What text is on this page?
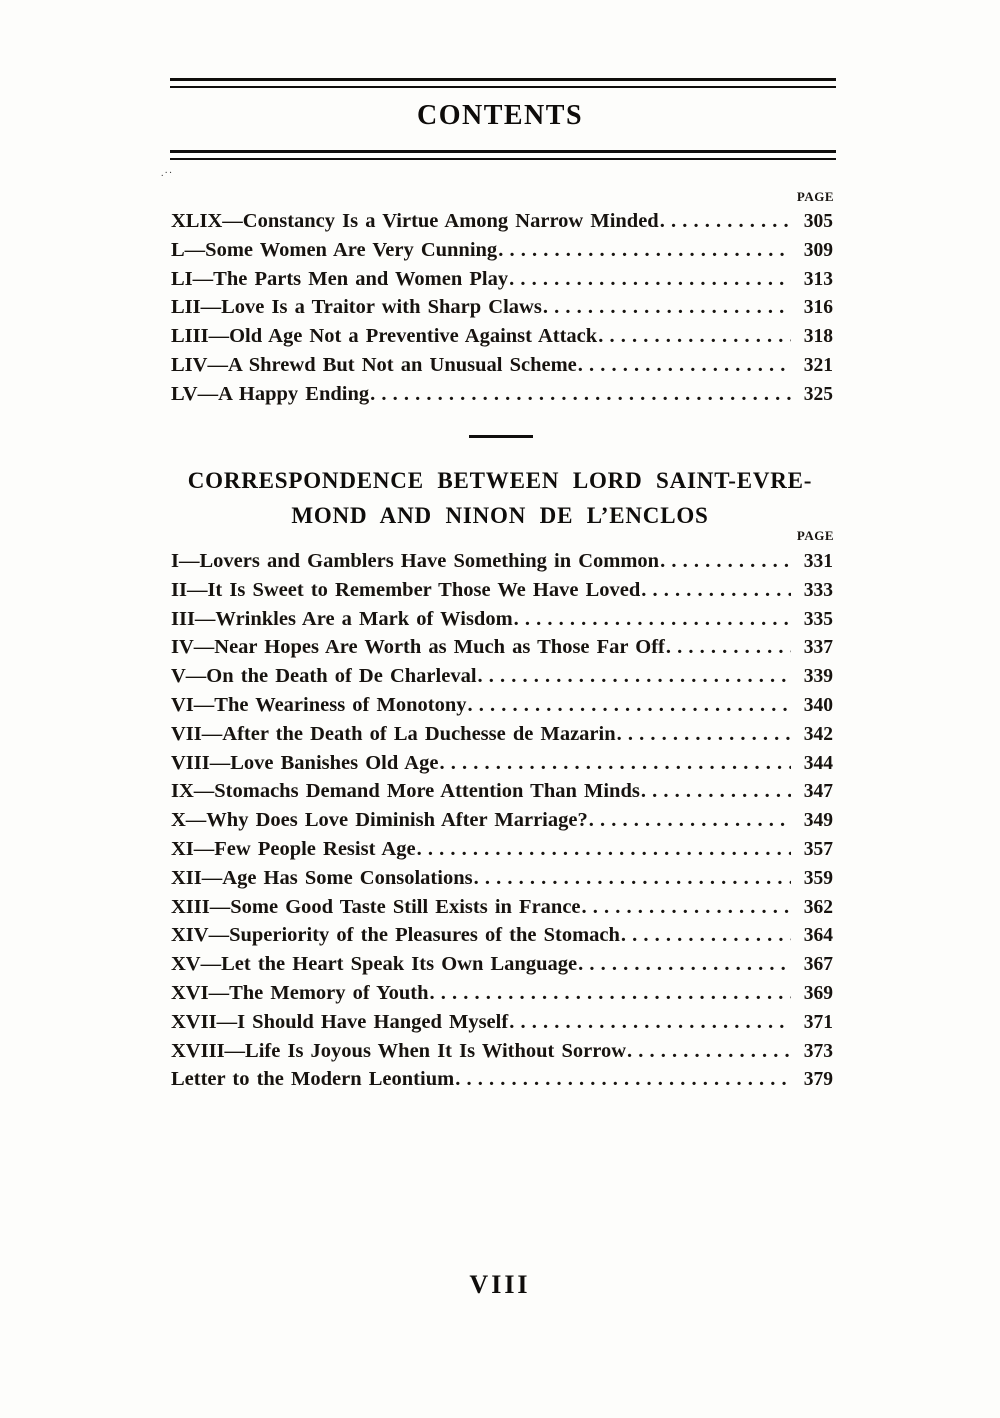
CONTENTS
.··
PAGE
XLIX—Constancy Is a Virtue Among Narrow Minded . . .	305
L—Some Women Are Very Cunning . . .	309
LI—The Parts Men and Women Play . . .	313
LII—Love Is a Traitor with Sharp Claws . . .	316
LIII—Old Age Not a Preventive Against Attack . . .	318
LIV—A Shrewd But Not an Unusual Scheme . . .	321
LV—A Happy Ending . . .	325
CORRESPONDENCE BETWEEN LORD SAINT-EVRE-
MOND AND NINON DE L’ENCLOS
PAGE
I—Lovers and Gamblers Have Something in Common . . .	331
II—It Is Sweet to Remember Those We Have Loved . . .	333
III—Wrinkles Are a Mark of Wisdom . . .	335
IV—Near Hopes Are Worth as Much as Those Far Off . . .	337
V—On the Death of De Charleval . . .	339
VI—The Weariness of Monotony . . .	340
VII—After the Death of La Duchesse de Mazarin . . .	342
VIII—Love Banishes Old Age . . .	344
IX—Stomachs Demand More Attention Than Minds . . .	347
X—Why Does Love Diminish After Marriage? . . .	349
XI—Few People Resist Age . . .	357
XII—Age Has Some Consolations . . .	359
XIII—Some Good Taste Still Exists in France . . .	362
XIV—Superiority of the Pleasures of the Stomach . . .	364
XV—Let the Heart Speak Its Own Language . . .	367
XVI—The Memory of Youth . . .	369
XVII—I Should Have Hanged Myself . . .	371
XVIII—Life Is Joyous When It Is Without Sorrow . . .	373
Letter to the Modern Leontium . . .	379
VIII
